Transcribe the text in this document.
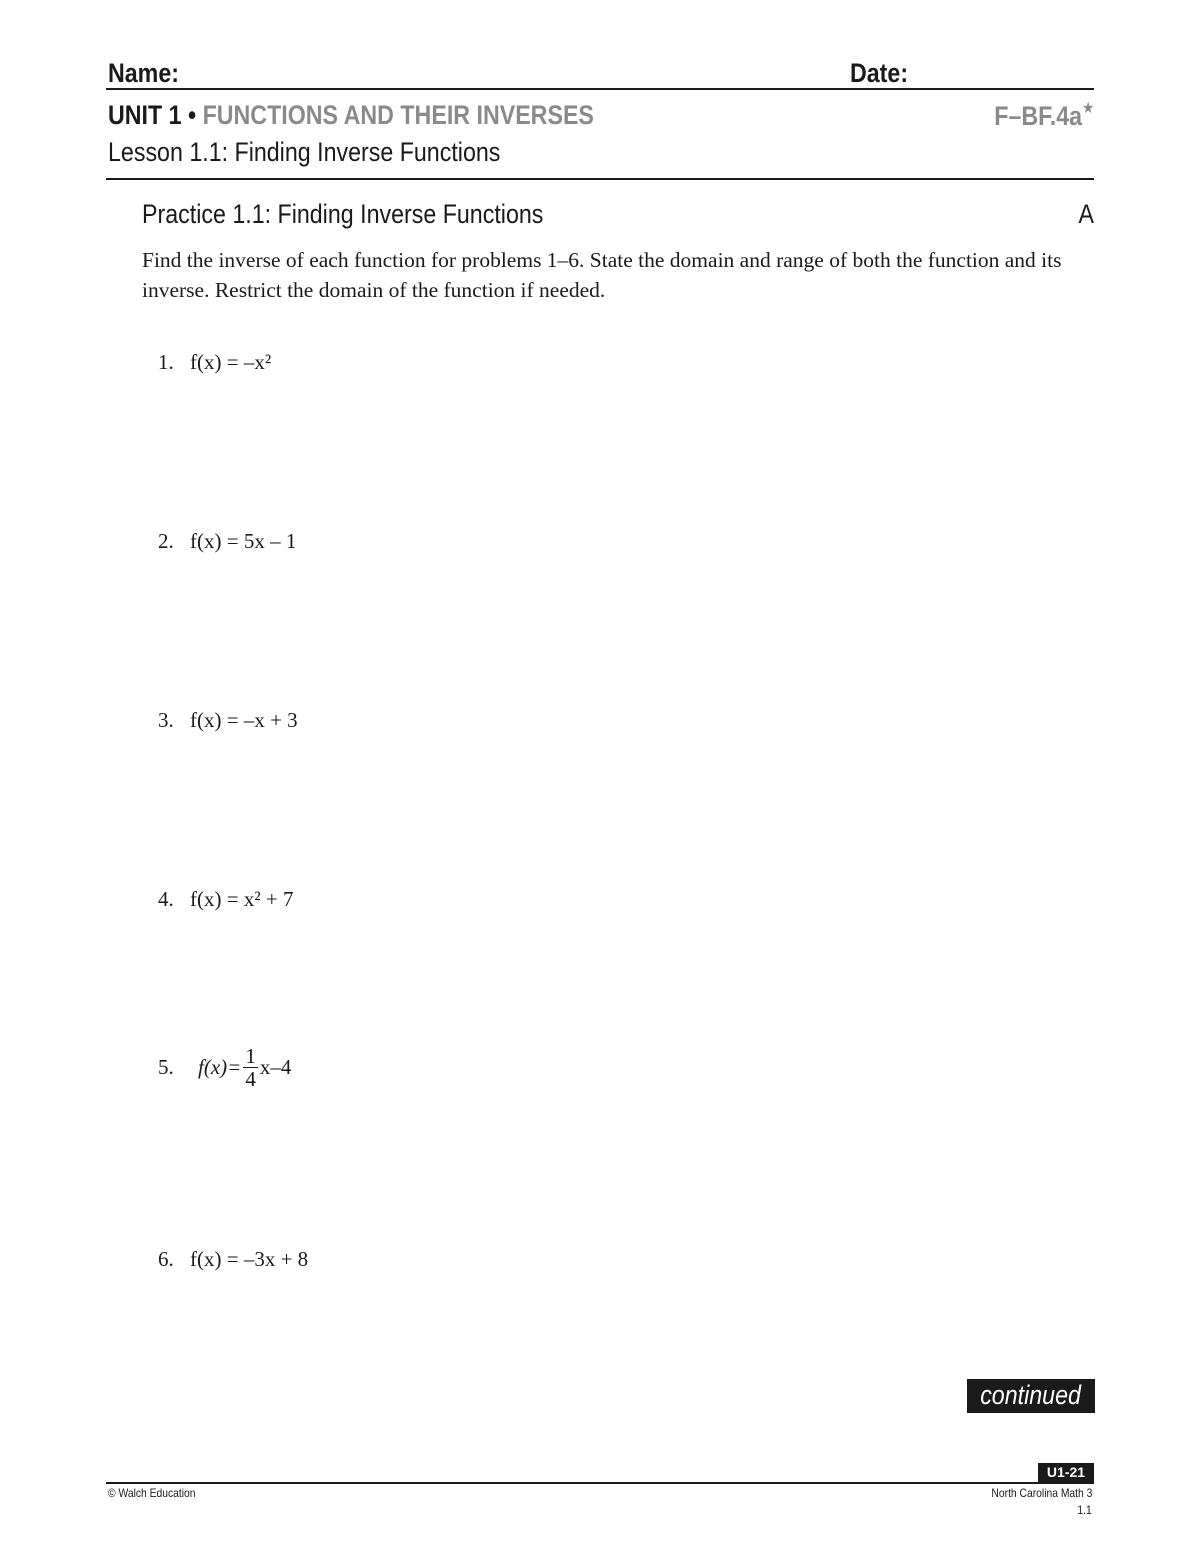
Name:	Date:
UNIT 1 • FUNCTIONS AND THEIR INVERSES	F–BF.4a★
Lesson 1.1: Finding Inverse Functions
Practice 1.1: Finding Inverse Functions	A
Find the inverse of each function for problems 1–6. State the domain and range of both the function and its inverse. Restrict the domain of the function if needed.
1. f(x) = –x²
2. f(x) = 5x – 1
3. f(x) = –x + 3
4. f(x) = x² + 7
5. $f(x)= \frac{1}{4} x-4$
6. f(x) = –3x + 8
continued
U1-21
© Walch Education	North Carolina Math 3
1.1
